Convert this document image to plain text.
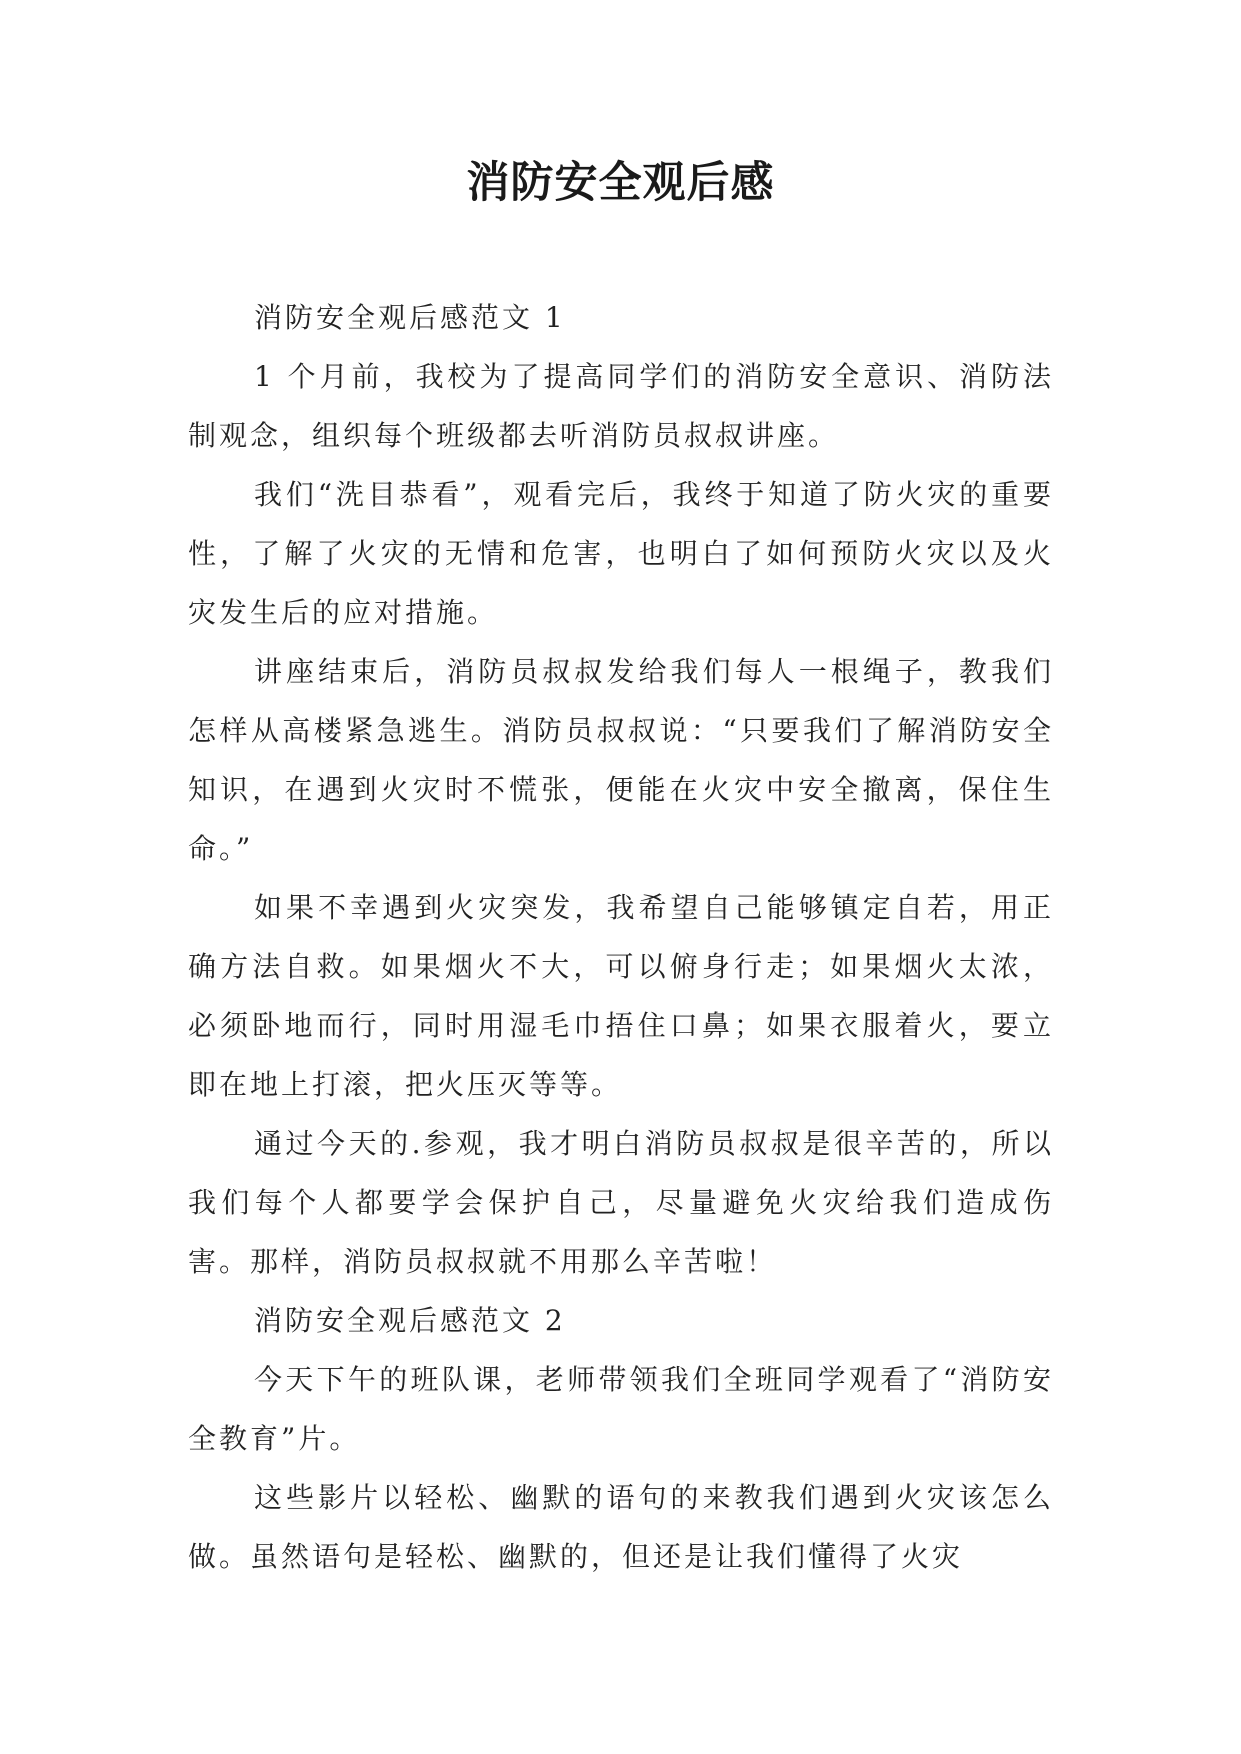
消防安全观后感

消防安全观后感范文 1

1 个月前，我校为了提高同学们的消防安全意识、消防法制观念，组织每个班级都去听消防员叔叔讲座。

我们“洗目恭看”，观看完后，我终于知道了防火灾的重要性，了解了火灾的无情和危害，也明白了如何预防火灾以及火灾发生后的应对措施。

讲座结束后，消防员叔叔发给我们每人一根绳子，教我们怎样从高楼紧急逃生。消防员叔叔说：“只要我们了解消防安全知识，在遇到火灾时不慌张，便能在火灾中安全撤离，保住生命。”

如果不幸遇到火灾突发，我希望自己能够镇定自若，用正确方法自救。如果烟火不大，可以俯身行走；如果烟火太浓，必须卧地而行，同时用湿毛巾捂住口鼻；如果衣服着火，要立即在地上打滚，把火压灭等等。

通过今天的.参观，我才明白消防员叔叔是很辛苦的，所以我们每个人都要学会保护自己，尽量避免火灾给我们造成伤害。那样，消防员叔叔就不用那么辛苦啦！

消防安全观后感范文 2

今天下午的班队课，老师带领我们全班同学观看了“消防安全教育”片。

这些影片以轻松、幽默的语句的来教我们遇到火灾该怎么做。虽然语句是轻松、幽默的，但还是让我们懂得了火灾
